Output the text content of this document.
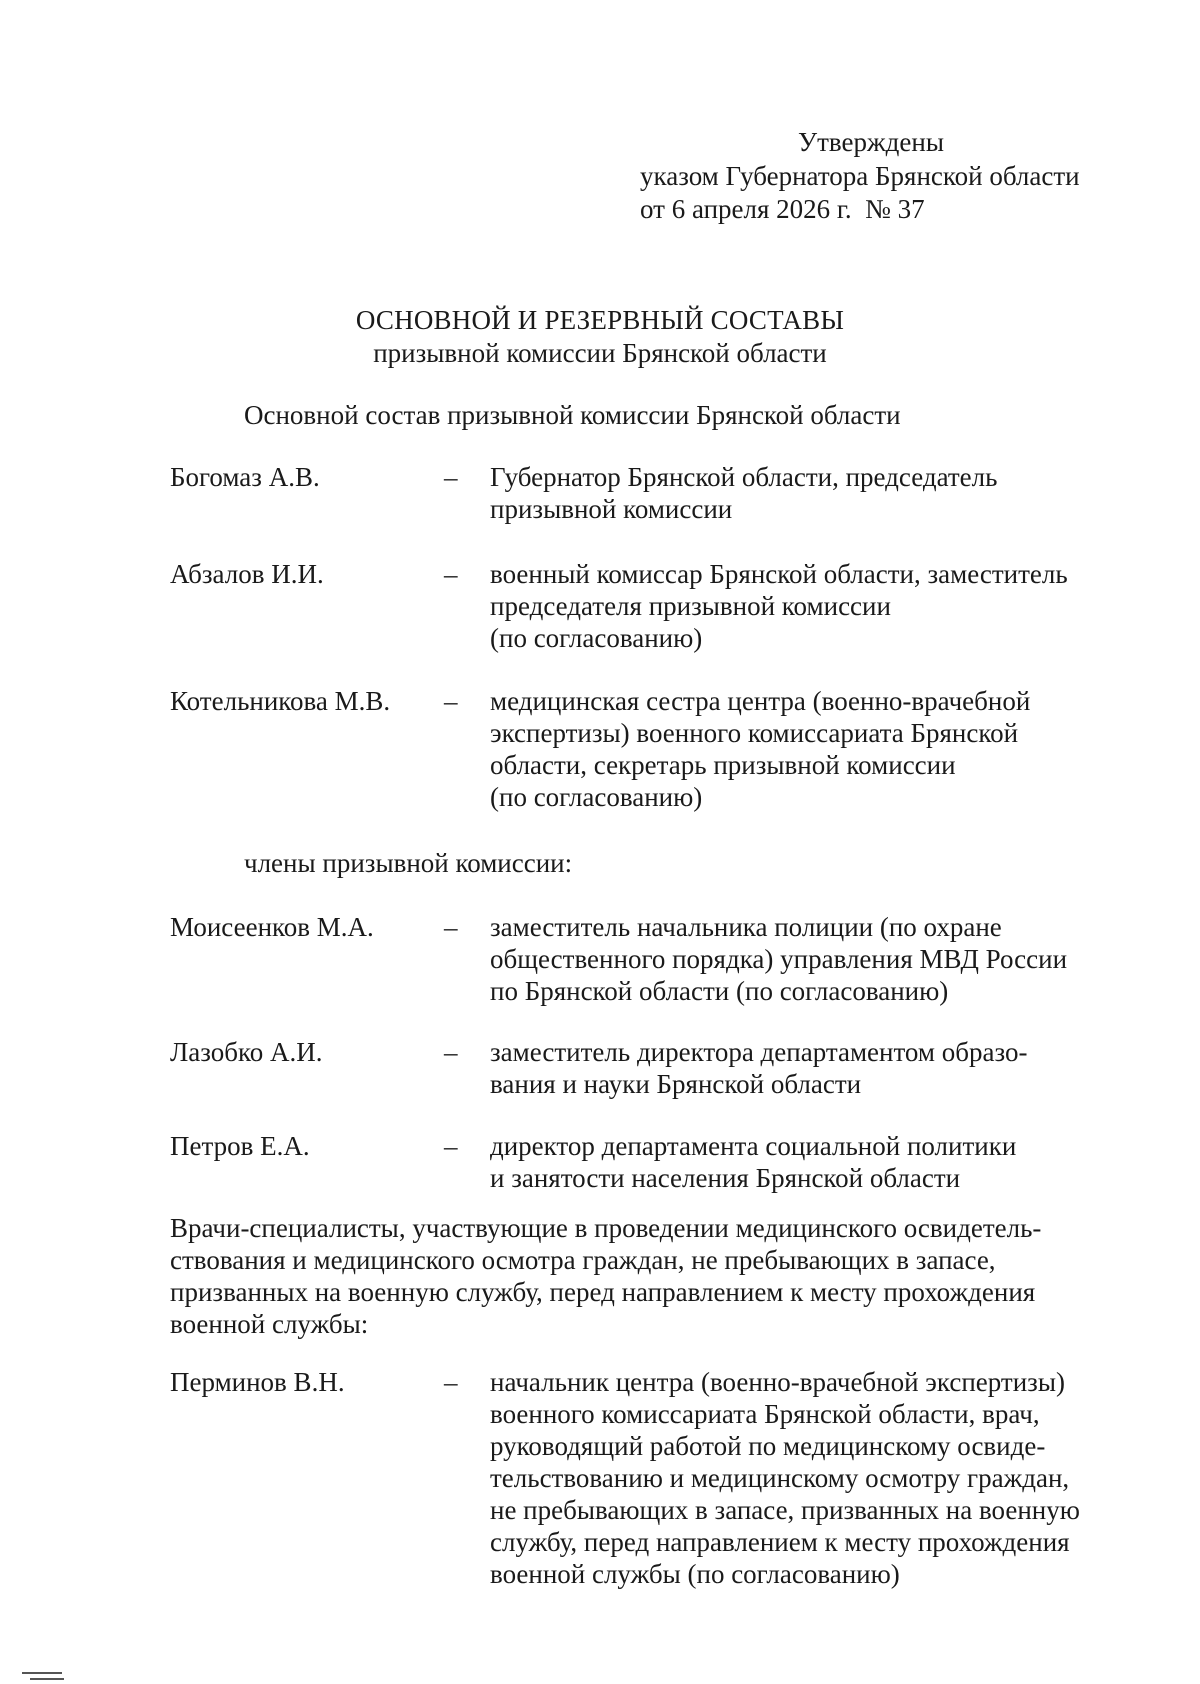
Утверждены
указом Губернатора Брянской области
от 6 апреля 2026 г.  № 37
ОСНОВНОЙ И РЕЗЕРВНЫЙ СОСТАВЫ
призывной комиссии Брянской области
Основной состав призывной комиссии Брянской области
Богомаз А.В.	–	Губернатор Брянской области, председатель
призывной комиссии
Абзалов И.И.	–	военный комиссар Брянской области, заместитель
председателя призывной комиссии
(по согласованию)
Котельникова М.В. –	медицинская сестра центра (военно-врачебной
экспертизы) военного комиссариата Брянской
области, секретарь призывной комиссии
(по согласованию)
члены призывной комиссии:
Моисеенков М.А.	–	заместитель начальника полиции (по охране
общественного порядка) управления МВД России
по Брянской области (по согласованию)
Лазобко А.И.	–	заместитель директора департаментом образо-
вания и науки Брянской области
Петров Е.А.	–	директор департамента социальной политики
и занятости населения Брянской области
Врачи-специалисты, участвующие в проведении медицинского освидетель-
ствования и медицинского осмотра граждан, не пребывающих в запасе,
призванных на военную службу, перед направлением к месту прохождения
военной службы:
Перминов В.Н.	–	начальник центра (военно-врачебной экспертизы)
военного комиссариата Брянской области, врач,
руководящий работой по медицинскому освиде-
тельствованию и медицинскому осмотру граждан,
не пребывающих в запасе, призванных на военную
службу, перед направлением к месту прохождения
военной службы (по согласованию)
